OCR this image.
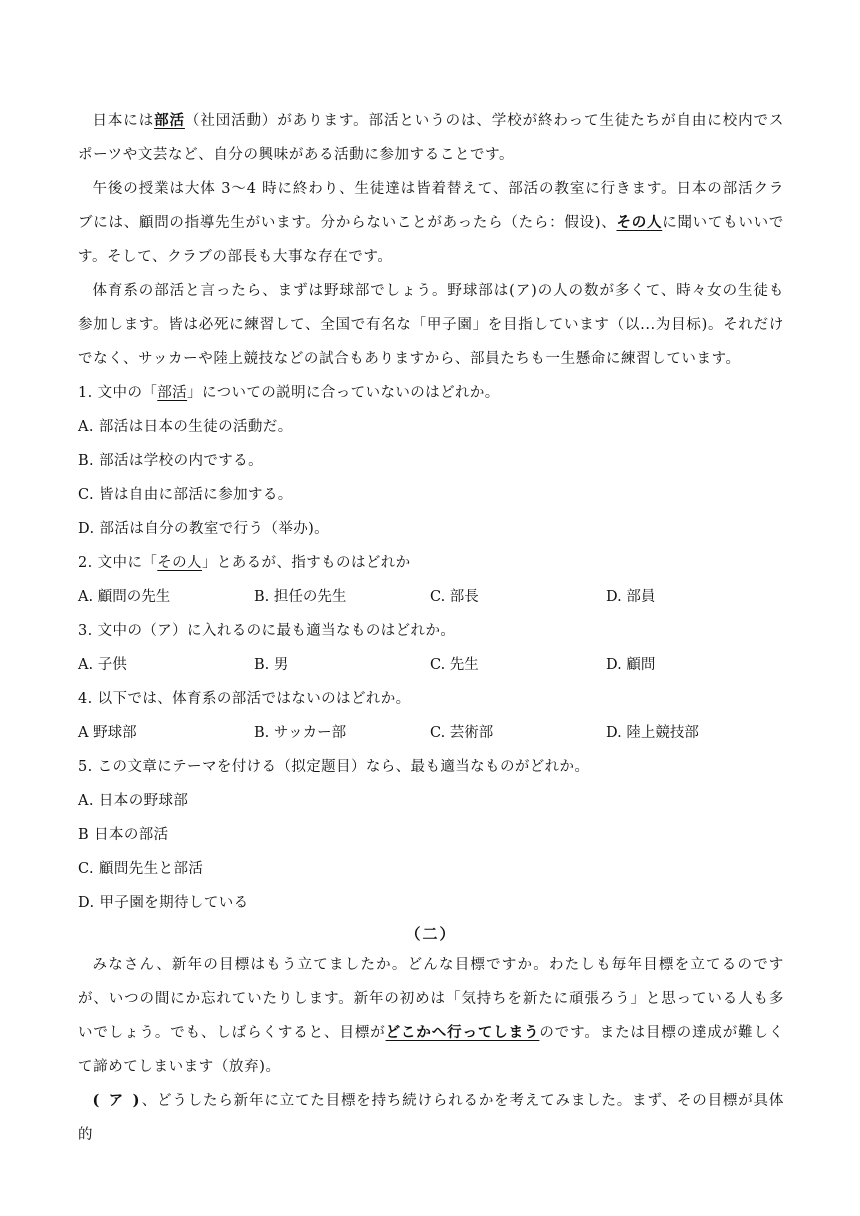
日本には部活（社団活動）があります。部活というのは、学校が終わって生徒たちが自由に校内でスポーツや文芸など、自分の興味がある活動に参加することです。

午後の授業は大体 3～4 時に終わり、生徒達は皆着替えて、部活の教室に行きます。日本の部活クラブには、顧問の指導先生がいます。分からないことがあったら（たら：假设)、その人に聞いてもいいです。そして、クラブの部長も大事な存在です。

体育系の部活と言ったら、まずは野球部でしょう。野球部は(ア)の人の数が多くて、時々女の生徒も参加します。皆は必死に練習して、全国で有名な「甲子園」を目指しています（以...为目标)。それだけでなく、サッカーや陸上競技などの試合もありますから、部員たちも一生懸命に練習しています。

1. 文中の「部活」についての説明に合っていないのはどれか。

A. 部活は日本の生徒の活動だ。

B. 部活は学校の内でする。

C. 皆は自由に部活に参加する。

D. 部活は自分の教室で行う（举办)。

2. 文中に「その人」とあるが、指すものはどれか

A. 顧問の先生	B. 担任の先生	C. 部長	D. 部員

3. 文中の（ア）に入れるのに最も適当なものはどれか。

A. 子供	B. 男	C. 先生	D. 顧問

4. 以下では、体育系の部活ではないのはどれか。

A 野球部	B. サッカー部	C. 芸術部	D. 陸上競技部

5. この文章にテーマを付ける（拟定题目）なら、最も適当なものがどれか。

A. 日本の野球部

B 日本の部活

C. 顧問先生と部活

D. 甲子園を期待している

（二）

みなさん、新年の目標はもう立てましたか。どんな目標ですか。わたしも毎年目標を立てるのですが、いつの間にか忘れていたりします。新年の初めは「気持ちを新たに頑張ろう」と思っている人も多いでしょう。でも、しばらくすると、目標がどこかへ行ってしまうのです。または目標の達成が難しくて諦めてしまいます（放弃)。

( ア )、どうしたら新年に立てた目標を持ち続けられるかを考えてみました。まず、その目標が具体的
